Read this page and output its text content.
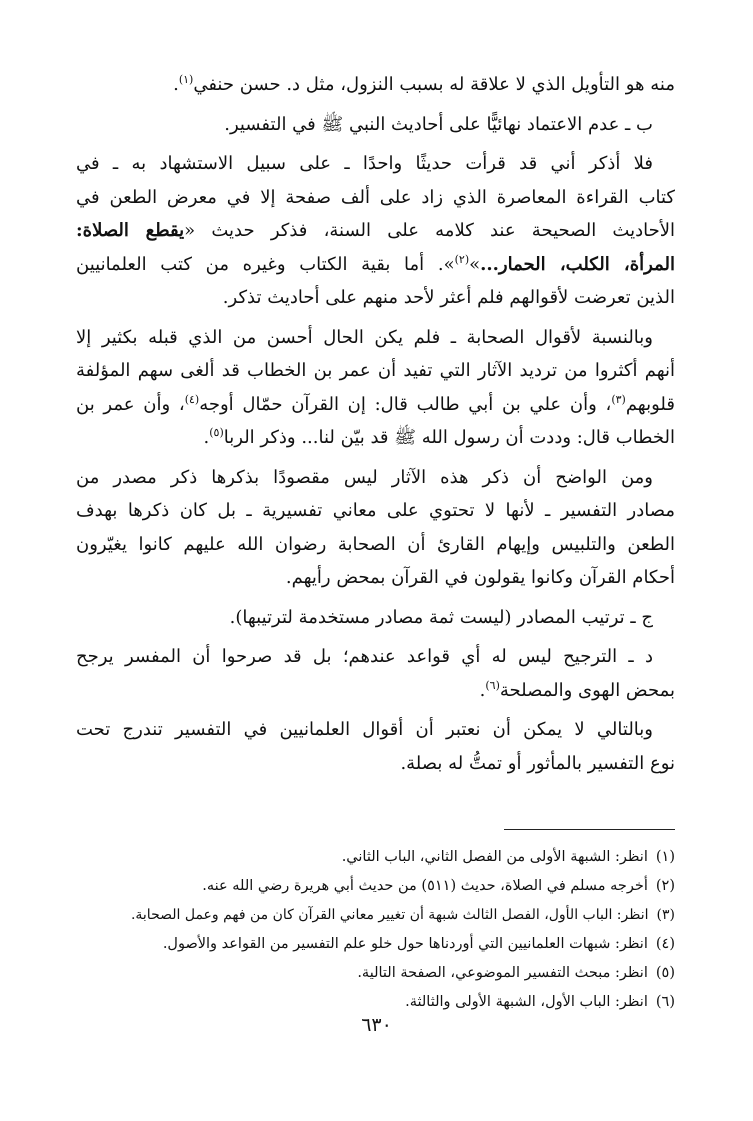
منه هو التأويل الذي لا علاقة له بسبب النزول، مثل د. حسن حنفي$^{(١)}$.
ب ـ عدم الاعتماد نهائيًّا على أحاديث النبي ﷺ في التفسير.
فلا أذكر أني قد قرأت حديثًا واحدًا ـ على سبيل الاستشهاد به ـ في
كتاب القراءة المعاصرة الذي زاد على ألف صفحة إلا في معرض الطعن في
الأحاديث الصحيحة عند كلامه على السنة، فذكر حديث «يقطع الصلاة:
المرأة، الكلب، الحمار...»$^{(٢)}$». أما بقية الكتاب وغيره من كتب العلمانيين
الذين تعرضت لأقوالهم فلم أعثر لأحد منهم على أحاديث تذكر.
وبالنسبة لأقوال الصحابة ـ فلم يكن الحال أحسن من الذي قبله بكثير إلا
أنهم أكثروا من ترديد الآثار التي تفيد أن عمر بن الخطاب قد ألغى سهم المؤلفة
قلوبهم$^{(٣)}$، وأن علي بن أبي طالب قال: إن القرآن حمّال أوجه$^{(٤)}$، وأن عمر بن
الخطاب قال: وددت أن رسول الله ﷺ قد بيّن لنا... وذكر الربا$^{(٥)}$.
ومن الواضح أن ذكر هذه الآثار ليس مقصودًا بذكرها ذكر مصدر من
مصادر التفسير ـ لأنها لا تحتوي على معاني تفسيرية ـ بل كان ذكرها بهدف
الطعن والتلبيس وإيهام القارئ أن الصحابة رضوان الله عليهم كانوا يغيّرون
أحكام القرآن وكانوا يقولون في القرآن بمحض رأيهم.
ج ـ ترتيب المصادر (ليست ثمة مصادر مستخدمة لترتيبها).
د ـ الترجيح ليس له أي قواعد عندهم؛ بل قد صرحوا أن المفسر يرجح
بمحض الهوى والمصلحة$^{(٦)}$.
وبالتالي لا يمكن أن نعتبر أن أقوال العلمانيين في التفسير تندرج تحت
نوع التفسير بالمأثور أو تمتُّ له بصلة.
(١)انظر: الشبهة الأولى من الفصل الثاني، الباب الثاني.
(٢)أخرجه مسلم في الصلاة، حديث (٥١١) من حديث أبي هريرة رضي الله عنه.
(٣)انظر: الباب الأول، الفصل الثالث شبهة أن تغيير معاني القرآن كان من فهم وعمل الصحابة.
(٤)انظر: شبهات العلمانيين التي أوردناها حول خلو علم التفسير من القواعد والأصول.
(٥)انظر: مبحث التفسير الموضوعي، الصفحة التالية.
(٦)انظر: الباب الأول، الشبهة الأولى والثالثة.
٦٣٠
